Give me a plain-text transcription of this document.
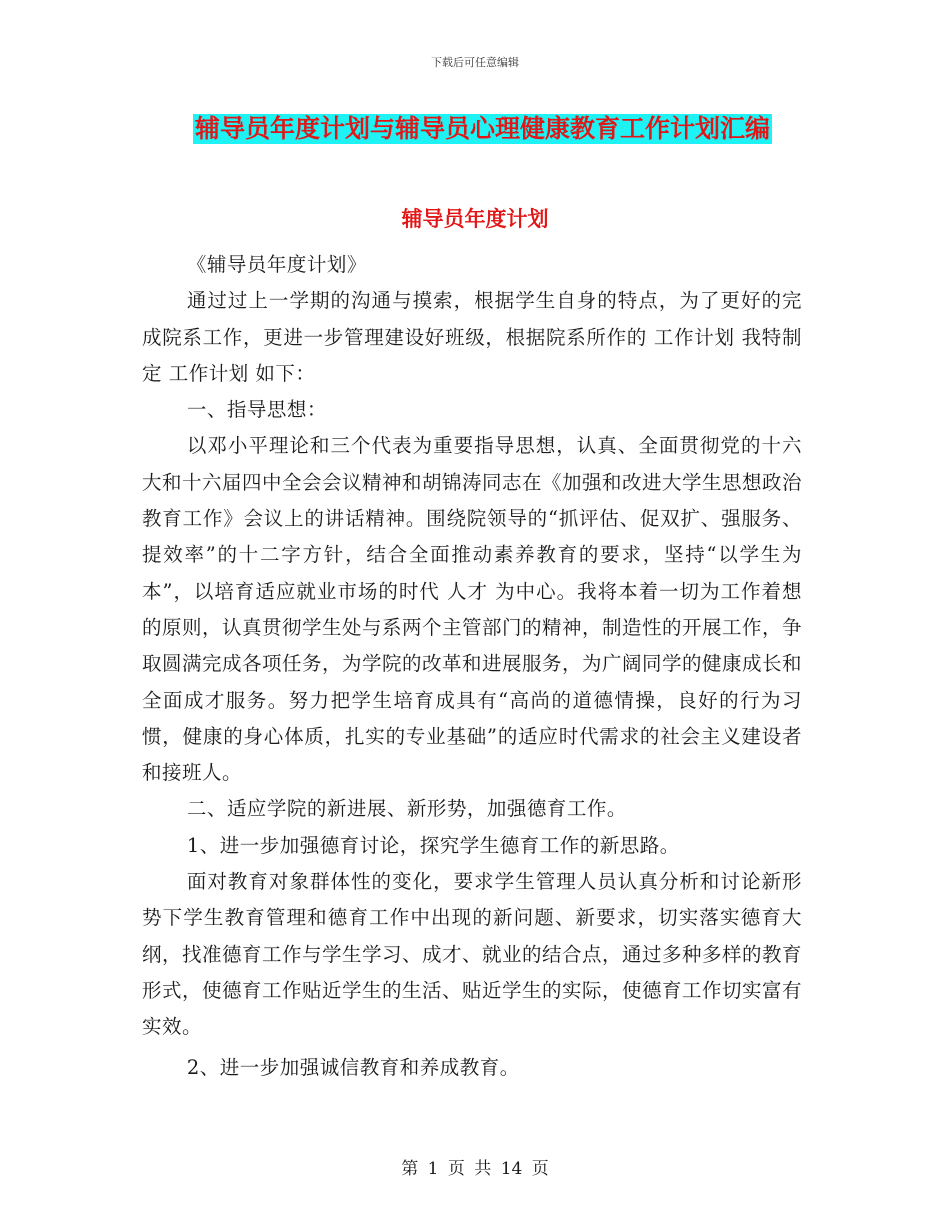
下载后可任意编辑
辅导员年度计划与辅导员心理健康教育工作计划汇编
辅导员年度计划

《辅导员年度计划》

通过过上一学期的沟通与摸索，根据学生自身的特点，为了更好的完成院系工作，更进一步管理建设好班级，根据院系所作的 工作计划 我特制定 工作计划 如下：

一、指导思想：

以邓小平理论和三个代表为重要指导思想，认真、全面贯彻党的十六大和十六届四中全会会议精神和胡锦涛同志在《加强和改进大学生思想政治教育工作》会议上的讲话精神。围绕院领导的“抓评估、促双扩、强服务、提效率”的十二字方针，结合全面推动素养教育的要求，坚持“以学生为本”，以培育适应就业市场的时代 人才 为中心。我将本着一切为工作着想的原则，认真贯彻学生处与系两个主管部门的精神，制造性的开展工作，争取圆满完成各项任务，为学院的改革和进展服务，为广阔同学的健康成长和全面成才服务。努力把学生培育成具有“高尚的道德情操，良好的行为习惯，健康的身心体质，扎实的专业基础”的适应时代需求的社会主义建设者和接班人。

二、适应学院的新进展、新形势，加强德育工作。

1、进一步加强德育讨论，探究学生德育工作的新思路。

面对教育对象群体性的变化，要求学生管理人员认真分析和讨论新形势下学生教育管理和德育工作中出现的新问题、新要求，切实落实德育大纲，找准德育工作与学生学习、成才、就业的结合点，通过多种多样的教育形式，使德育工作贴近学生的生活、贴近学生的实际，使德育工作切实富有实效。

2、进一步加强诚信教育和养成教育。

第 1 页 共 14 页
